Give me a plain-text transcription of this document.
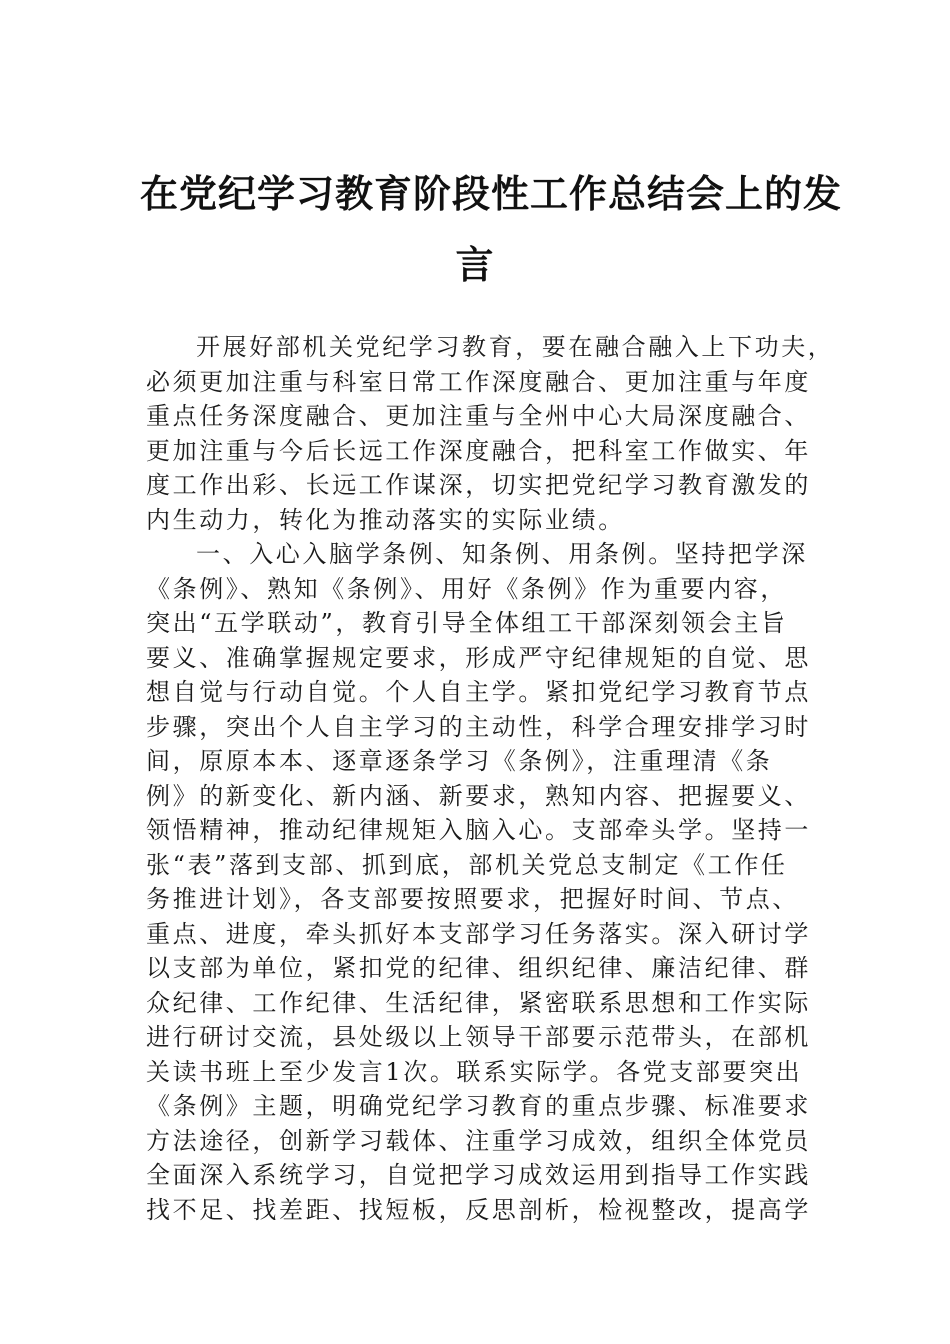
在党纪学习教育阶段性工作总结会上的发
言
开展好部机关党纪学习教育，要在融合融入上下功夫，
必须更加注重与科室日常工作深度融合、更加注重与年度
重点任务深度融合、更加注重与全州中心大局深度融合、
更加注重与今后长远工作深度融合，把科室工作做实、年
度工作出彩、长远工作谋深，切实把党纪学习教育激发的
内生动力，转化为推动落实的实际业绩。
一、入心入脑学条例、知条例、用条例。坚持把学深
《条例》、熟知《条例》、用好《条例》作为重要内容，
突出“五学联动”，教育引导全体组工干部深刻领会主旨
要义、准确掌握规定要求，形成严守纪律规矩的自觉、思
想自觉与行动自觉。个人自主学。紧扣党纪学习教育节点
步骤，突出个人自主学习的主动性，科学合理安排学习时
间，原原本本、逐章逐条学习《条例》，注重理清《条
例》的新变化、新内涵、新要求，熟知内容、把握要义、
领悟精神，推动纪律规矩入脑入心。支部牵头学。坚持一
张“表”落到支部、抓到底，部机关党总支制定《工作任
务推进计划》，各支部要按照要求，把握好时间、节点、
重点、进度，牵头抓好本支部学习任务落实。深入研讨学
以支部为单位，紧扣党的纪律、组织纪律、廉洁纪律、群
众纪律、工作纪律、生活纪律，紧密联系思想和工作实际
进行研讨交流，县处级以上领导干部要示范带头，在部机
关读书班上至少发言1次。联系实际学。各党支部要突出
《条例》主题，明确党纪学习教育的重点步骤、标准要求
方法途径，创新学习载体、注重学习成效，组织全体党员
全面深入系统学习，自觉把学习成效运用到指导工作实践
找不足、找差距、找短板，反思剖析，检视整改，提高学
